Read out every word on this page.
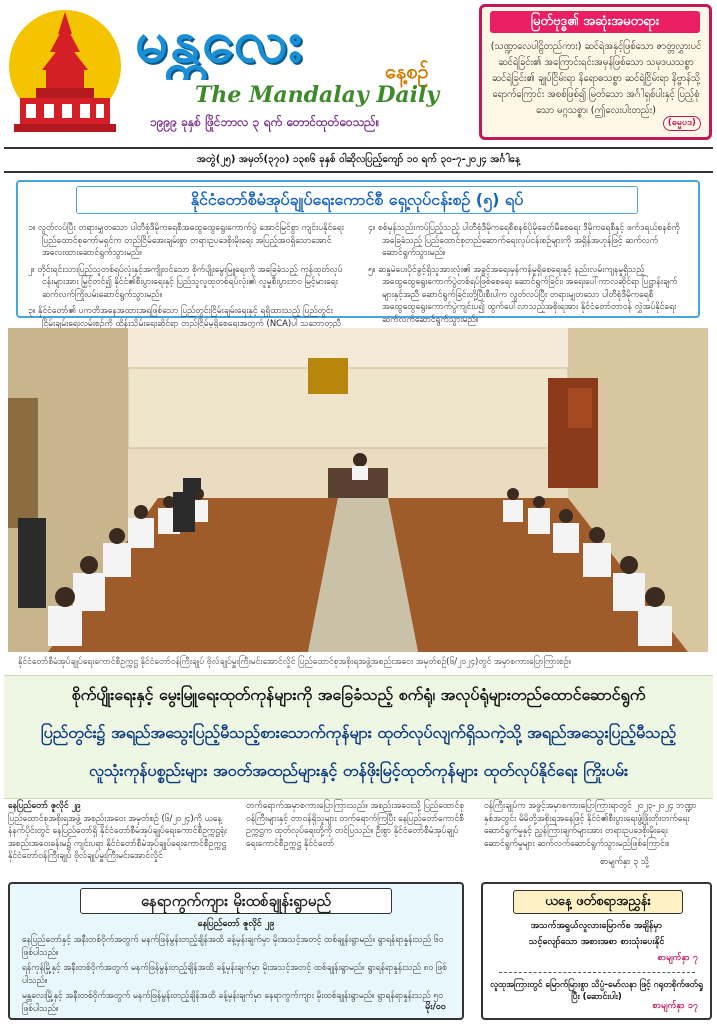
မန္တလေး	နေ့စဉ်
The Mandalay Daily
၁၉၉၉ ခုနှစ် ဖြိုင်ဘာလ ၃ ရက် တောင်ထုတ်ဝေသည်။
မြတ်ဗုဒ္ဓ၏ အဆုံးအမတရား
(သဏ္ဍာလေပါဠိတည်ကား) ဆင်ရဲအနှင့်ဖြစ်သော ဇာတ္တလွှားပင် ဆင်ရဲခြင်း၏ အကြောင်းရင်းအမှန်ဖြစ်သော သမုဒယသစ္စာ ဆင်ရဲခြင်း၏ ချုပ်ငြိမ်းရာ နိရောဓသစ္စာ ဆင်ရဲငြိမ်းရာ နိဗ္ဗာန်သို့ရောက်ကြောင်း အစစ်ဖြစ်၍ မြတ်သော အင်္ဂါရှစ်ပါးနှင့် ပြည့်စုံသော မဂ္ဂသစ္စာ၊ (ဤလေးပါးတည်း)
(ဓမ္မပဒ)
အတွဲ(၂၅) အမှတ်(၃၇၀) ၁၃၈၆ ခုနှစ် ဝါဆိုလပြည့်ကျော် ၁၀ ရက် ၃၀-၇-၂၀၂၄ အင်္ဂါနေ့
နိုင်ငံတော်စီမံအုပ်ချုပ်ရေးကောင်စီ ရှေ့လုပ်ငန်းစဉ် (၅) ရပ်

၁။ လွတ်လပ်ပြီး တရားမျှတသော ပါတီစုံဒီမိုကရေစီအထွေထွေရွေးကောက်ပွဲ အောင်မြင်စွာ ကျင်းပနိုင်ရေး ပြည်ထောင်စုကော်မရှင်က တည်ငြိမ်အေးချမ်းစွာ တရားဥပဒေစိုးမိုးရေး အပြည့်အဝရှိသောအောင် အလေးထားဆောင်ရွက်သွားမည်။

၂။ တိုင်းရင်းသားပြည်သူတစ်ရပ်လုံးနှင့်အကျိုးဝင်သော စိုက်ပျိုးမွေးမြူရေးကို အခြေခံသည့် ကုန်ထုတ်လုပ်ငန်းများအား မြှင့်တင်၍ နိုင်ငံ၏စီးပွားရေးနှင့် ပြည်သူလူထုတစ်ရပ်လုံး၏ လူမှုစီးပွားဘဝ မြင့်မားရေး ဆက်လက်ကြိုးပမ်းဆောင်ရွက်သွားမည်။

၃။ နိုင်ငံတော်၏ ပကတိအနေအထားအရဖြစ်သော ပြည်တွင်းငြိမ်းချမ်းရေးနှင့် ရရှိထားသည့် ပြည်တွင်းငြိမ်းချမ်းရေးလမ်းစဉ်ကို ထိန်းသိမ်းရေးဆိုင်ရာ တည်ငြိမ်မှုရှိစေရေးအတွက် (NCA)ပါ သဘောတူညီ

၄။ စစ်မှန်သည်းကပ်ပြည့်သည့် ပါတီစုံဒီမိုကရေစီစနစ်ပိုမိုခေတ်မီစေရေး ဒီမိုကရေစီနှင့် ဖက်ဒရယ်စနစ်ကို အခြေခံသည့် ပြည်ထောင်စုတည်ဆောက်ရေးလုပ်ငန်းစဉ်များကို အရှိန်အဟုန်ဖြင့် ဆက်လက်ဆောင်ရွက်သွားမည်။

၅။ ဆန္ဒမဲပေးပိုင်ခွင့်ရှိသူအားလုံး၏ အခွင့်အရေးမှန်ကန်မှုရှိစေရေးနှင့် နည်းလမ်းကျနမှုရှိသည့် အထွေထွေရွေးကောက်ပွဲတစ်ရပ်ဖြစ်စေရေး ဆောင်ရွက်ခြင်း၊ အရေးပေါ်ကာလဆိုင်ရာ ပြဋ္ဌာန်းချက်များနှင့်အညီ ဆောင်ရွက်ခြင်းတို့ပြီးစီးပါက လွတ်လပ်ပြီး တရားမျှတသော ပါတီစုံဒီမိုကရေစီ အထွေထွေရွေးကောက်ပွဲကျင်းပ၍ ထွက်ပေါ်လာသည့်အစိုးရအား နိုင်ငံတော်တာဝန် လွှဲအပ်နိုင်ရေး ဆက်လက်ဆောင်ရွက်သွားမည်။

နိုင်ငံတော်စီမံအုပ်ချုပ်ရေးကောင်စီဥက္ကဋ္ဌ နိုင်ငံတော်ဝန်ကြီးချုပ် ဗိုလ်ချုပ်မှူးကြီးမင်းအောင်လှိုင် ပြည်ထောင်စုအစိုးရအဖွဲ့အစည်းအဝေး အမှတ်စဉ်(၆/၂၀၂၄)တွင် အမှာစကားပြောကြားစဉ်။
စိုက်ပျိုးရေးနှင့် မွေးမြူရေးထုတ်ကုန်များကို အခြေခံသည့် စက်ရုံ၊ အလုပ်ရုံများတည်ထောင်ဆောင်ရွက်
ပြည်တွင်း၌ အရည်အသွေးပြည့်မီသည့်စားသောက်ကုန်များ ထုတ်လုပ်လျက်ရှိသကဲ့သို့ အရည်အသွေးပြည့်မီသည့်
လူသုံးကုန်ပစ္စည်းများ အဝတ်အထည်များနှင့် တန်ဖိုးမြင့်ထုတ်ကုန်များ ထုတ်လုပ်နိုင်ရေး ကြိုးပမ်း
နေပြည်တော် ဇူလိုင် ၂၉
ပြည်ထောင်စုအစိုးရအဖွဲ့ အစည်းအဝေး အမှတ်စဉ် (၆/၂၀၂၄)ကို ယနေ့နံနက်ပိုင်းတွင် နေပြည်တော်ရှိ နိုင်ငံတော်စီမံအုပ်ချုပ်ရေးကောင်စီဥက္ကဋ္ဌရုံး အစည်းအဝေးခန်းမ၌ ကျင်းပရာ နိုင်ငံတော်စီမံအုပ်ချုပ်ရေးကောင်စီဥက္ကဋ္ဌ နိုင်ငံတော်ဝန်ကြီးချုပ် ဗိုလ်ချုပ်မှူးကြီးမင်းအောင်လှိုင်
တက်ရောက်အမှာစကားပြောကြားသည်။ အစည်းအဝေးသို့ ပြည်ထောင်စုဝန်ကြီးများနှင့် တာဝန်ရှိသူများ တက်ရောက်ကြပြီး နေပြည်တော်ကောင်စီဥက္ကဋ္ဌက ထုတ်လုပ်ရေးတို့ကို တင်ပြသည်။ ဦးစွာ နိုင်ငံတော်စီမံအုပ်ချုပ်ရေးကောင်စီဥက္ကဋ္ဌ နိုင်ငံတော်
ဝန်ကြီးချုပ်က အဖွင့်အမှာစကားပြောကြားရာတွင် ၂၀၂၃-၂၀၂၄ ဘဏ္ဍာနှစ်အတွင်း မိမိတို့အစိုးရအနေဖြင့် နိုင်ငံ၏စီးပွားရေးဖွံ့ဖြိုးတိုးတက်ရေးဆောင်ရွက်မှုနှင့် ညွှန်ကြားချက်များအား တရားဥပဒေစိုးမိုးရေး ဆောင်ရွက်မှုများ ဆက်လက်ဆောင်ရွက်သွားမည်ဖြစ်ကြောင်း။
စာမျက်နှာ ၃ သို့
နေရာကွက်ကျား မိုးထစ်ချုန်းရွာမည်
နေပြည်တော် ဇူလိုင် ၂၉
နေပြည်တော်နှင့် အနီးတစ်ဝိုက်အတွက် မနက်ဖြန်မွန်းတည့်ချိန်အထိ ခန့်မှန်းချက်မှာ မိုးအသင့်အတင့် ထစ်ချုန်းရွာမည်။ ရွာရန်ရာနှုန်းသည် ၆၀ ဖြစ်ပါသည်။
ရန်ကုန်မြို့နှင့် အနီးတစ်ဝိုက်အတွက် မနက်ဖြန်မွန်းတည့်ချိန်အထိ ခန့်မှန်းချက်မှာ မိုးအသင့်အတင့် ထစ်ချုန်းရွာမည်။ ရွာရန်ရာနှုန်းသည် ၈၀ ဖြစ်ပါသည်။
မန္တလေးမြို့နှင့် အနီးတစ်ဝိုက်အတွက် မနက်ဖြန်မွန်းတည့်ချိန်အထိ ခန့်မှန်းချက်မှာ နေရာကွက်ကျား မိုးထစ်ချုန်းရွာမည်။ ရွာရန်ရာနှုန်းသည် ၅၀ ဖြစ်ပါသည်။	မိုး/၀၀
ယနေ့ ဖတ်စရာအညွှန်း
အသက်အရွယ်လူလားမြောက်စ အချိန်မှာ
သင့်လျော်သော အစားအစာ စားသုံးပေးနိုင်
စာမျက်နှာ ၇
လူထုအကြားတွင် မြောက်မြားစွာ သိပ္ပံ-မော်လနာ ဖြင့် ဂရုတစိုက်ဖတ်ရှုပြီး (ဆောင်းပါး)
စာမျက်နှာ ၁၇
